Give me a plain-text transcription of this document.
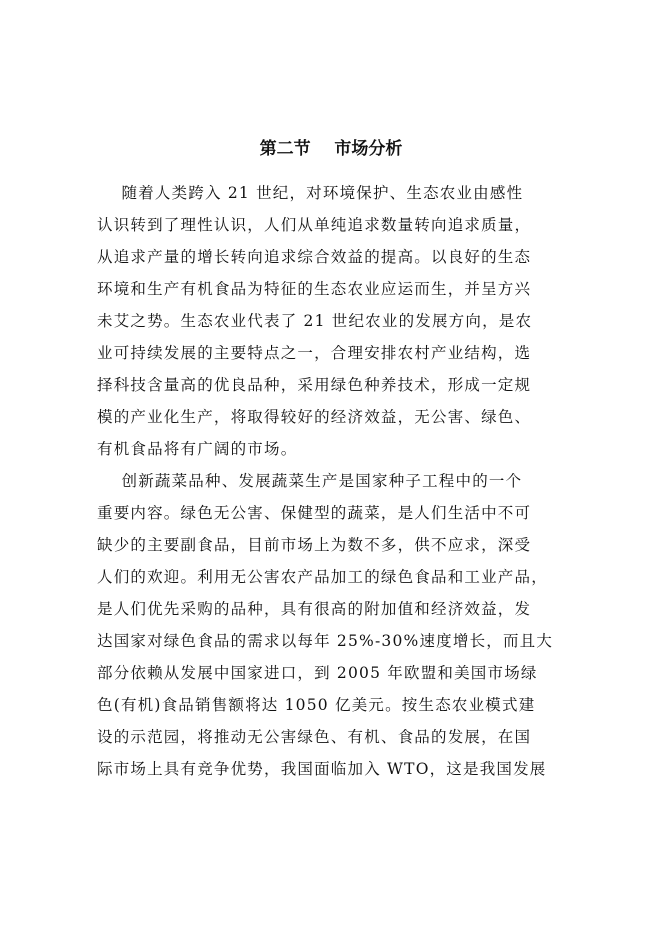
第二节    市场分析
随着人类跨入 21 世纪，对环境保护、生态农业由感性
认识转到了理性认识，人们从单纯追求数量转向追求质量，
从追求产量的增长转向追求综合效益的提高。以良好的生态
环境和生产有机食品为特征的生态农业应运而生，并呈方兴
未艾之势。生态农业代表了 21 世纪农业的发展方向，是农
业可持续发展的主要特点之一，合理安排农村产业结构，选
择科技含量高的优良品种，采用绿色种养技术，形成一定规
模的产业化生产，将取得较好的经济效益，无公害、绿色、
有机食品将有广阔的市场。
创新蔬菜品种、发展蔬菜生产是国家种子工程中的一个
重要内容。绿色无公害、保健型的蔬菜，是人们生活中不可
缺少的主要副食品，目前市场上为数不多，供不应求，深受
人们的欢迎。利用无公害农产品加工的绿色食品和工业产品，
是人们优先采购的品种，具有很高的附加值和经济效益，发
达国家对绿色食品的需求以每年 25%-30%速度增长，而且大
部分依赖从发展中国家进口，到 2005 年欧盟和美国市场绿
色(有机)食品销售额将达 1050 亿美元。按生态农业模式建
设的示范园，将推动无公害绿色、有机、食品的发展，在国
际市场上具有竞争优势，我国面临加入 WTO，这是我国发展
